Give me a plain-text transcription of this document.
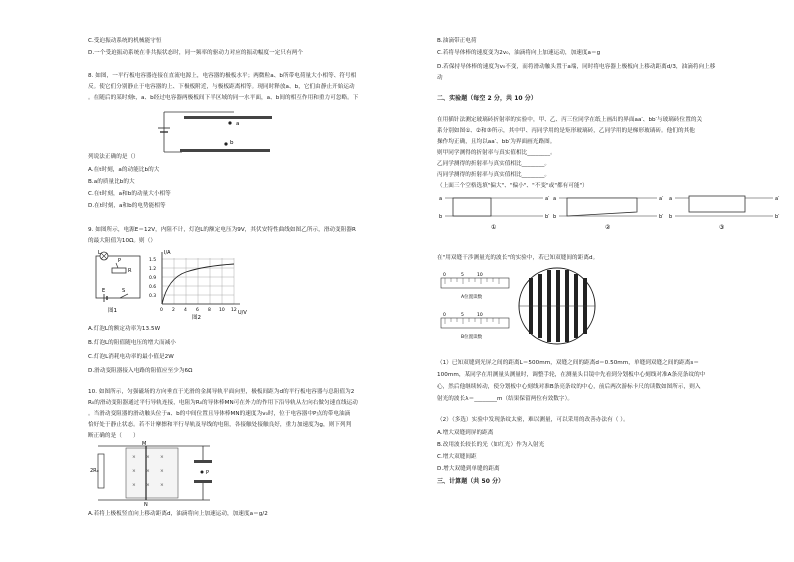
C.受迫振动系统的机械能守恒
D.一个受迫振动系统在非共振状态时，同一频率的驱动力对应的振动幅度一定只有两个
8. 如图，一平行板电容器连接在直流电源上，电容器的极板水平；两微粒a、b所带电荷量大小相等、符号相
反。使它们分别静止于电容器的上、下极板附近，与极板距离相等。现同时释放a、b，它们由静止开始运动
。在随后的某时刻t，a、b经过电容器两极板间下半区域的同一水平面，a、b间的相互作用和重力可忽略。下
a
b
列说法正确的是（）
A.在t时刻，a的动能比b的大
B.a的质量比b的大
C.在t时刻，a和b的动量大小相等
D.在t时刻，a和b的电势能相等
9. 如图所示，电源E＝12V，内阻不计，灯泡L的额定电压为9V，其伏安特性曲线如图乙所示，滑动变阻器R
的最大阻值为10Ω。则（）
L
P
R
E	S
图1
I/A
U/V
1.5
1.2
0.9
0.6
0.3
0 2 4 6 8 10 12
图2
A.灯泡L的额定功率为13.5W
B.灯泡L的阻值随电压的增大而减小
C.灯泡L消耗电功率的最小值是2W
D.滑动变阻器接入电路的阻值应至少为6Ω
10. 如图所示，匀强磁场的方向垂直于光滑的金属导轨平面向里，极板间距为d的平行板电容器与总阻值为2
R₀的滑动变阻器通过平行导轨连接，电阻为R₀的导体棒MN可在外力的作用下沿导轨从左向右做匀速直线运动
。当滑动变阻器的滑动触头位于a、b的中间位置且导体棒MN的速度为v₀时，位于电容器中P点的带电油滴
恰好处于静止状态。若不计摩擦和平行导轨及导线的电阻，各接触处接触良好，重力加速度为g，则下列判
断正确的是（　　）
2R₀
× × ×
× × ×
× × ×
M
N
P
A.若将上极板竖直向上移动距离d，油滴将向上加速运动，加速度a＝g/2
B.油滴带正电荷
C.若将导体棒的速度变为2v₀，油滴将向上加速运动，加速度a＝g
D.若保持导体棒的速度为v₀不变，而将滑动触头置于a端，同时将电容器上极板向上移动距离d/3，油滴将向上移
动
二、实验题（每空 2 分，共 10 分）
在用插针法测定玻璃砖折射率的实验中，甲、乙、丙三位同学在纸上画出的界面aa′、bb′与玻璃砖位置的关
系分别如图①、②和③所示，其中甲、丙同学用的是矩形玻璃砖，乙同学用的是梯形玻璃砖。他们的其他
操作均正确，且均以aa′、bb′为界面画光路图。
则甲同学测得的折射率与真实值相比________。
乙同学测得的折射率与真实值相比________。
丙同学测得的折射率与真实值相比________。
（上面三个空格选填"偏大"、"偏小"、"不变"或"都有可能"）
a	a′
b	b′
①
a	a′
b	b′
②
a	a′
b	b′
③
在"用双缝干涉测量光的波长"的实验中，若已知双缝间的距离d。
0	5	10
A位置读数
0	5	10
B位置读数
（1）已知双缝到光屏之间的距离L＝500mm，双缝之间的距离d＝0.50mm，单缝到双缝之间的距离s＝
100mm，某同学在用测量头测量时，调整手轮，在测量头目镜中先看到分划板中心刻线对准A条亮条纹的中
心，然后他继续转动，使分划板中心刻线对准B条亮条纹的中心，前后两次游标卡尺的读数如图所示，则入
射光的波长λ＝________m（结果保留两位有效数字）。
（2）（多选）实验中发现条纹太密，难以测量，可以采用的改善办法有（ ）。
A.增大双缝到屏的距离
B.改用波长较长的光（如红光）作为入射光
C.增大双缝间距
D.增大双缝到单缝的距离
三、计算题（共 50 分）
